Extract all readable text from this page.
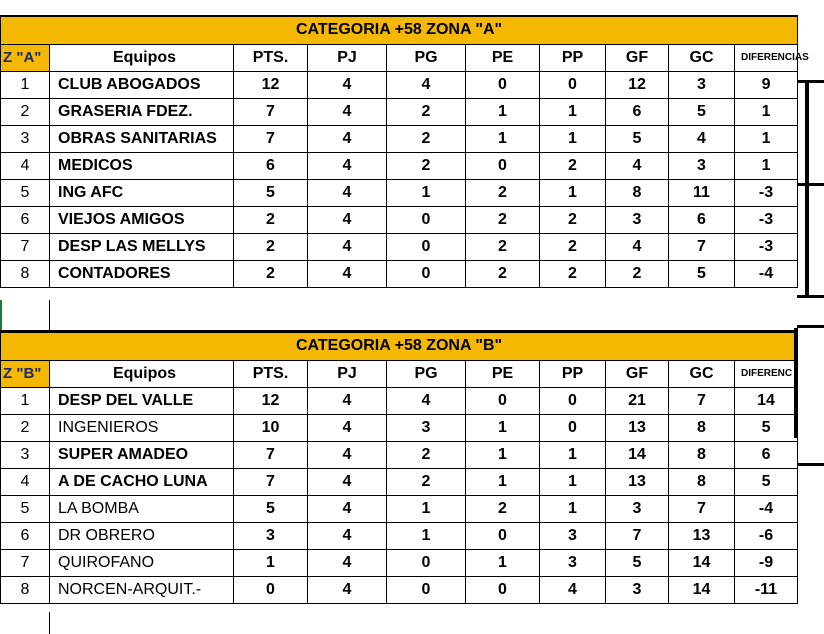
CATEGORIA +58 ZONA "A"									
Z "A"	Equipos	PTS.	PJ	PG	PE	PP	GF	GC	DIFERENCIAS
1	CLUB ABOGADOS	12	4	4	0	0	12	3	9
2	GRASERIA FDEZ.	7	4	2	1	1	6	5	1
3	OBRAS SANITARIAS	7	4	2	1	1	5	4	1
4	MEDICOS	6	4	2	0	2	4	3	1
5	ING AFC	5	4	1	2	1	8	11	-3
6	VIEJOS AMIGOS	2	4	0	2	2	3	6	-3
7	DESP LAS MELLYS	2	4	0	2	2	4	7	-3
8	CONTADORES	2	4	0	2	2	2	5	-4
CATEGORIA +58 ZONA "B"									
Z "B"	Equipos	PTS.	PJ	PG	PE	PP	GF	GC	DIFERENC
1	DESP DEL VALLE	12	4	4	0	0	21	7	14
2	INGENIEROS	10	4	3	1	0	13	8	5
3	SUPER AMADEO	7	4	2	1	1	14	8	6
4	A DE CACHO LUNA	7	4	2	1	1	13	8	5
5	LA BOMBA	5	4	1	2	1	3	7	-4
6	DR OBRERO	3	4	1	0	3	7	13	-6
7	QUIROFANO	1	4	0	1	3	5	14	-9
8	NORCEN-ARQUIT.-	0	4	0	0	4	3	14	-11
